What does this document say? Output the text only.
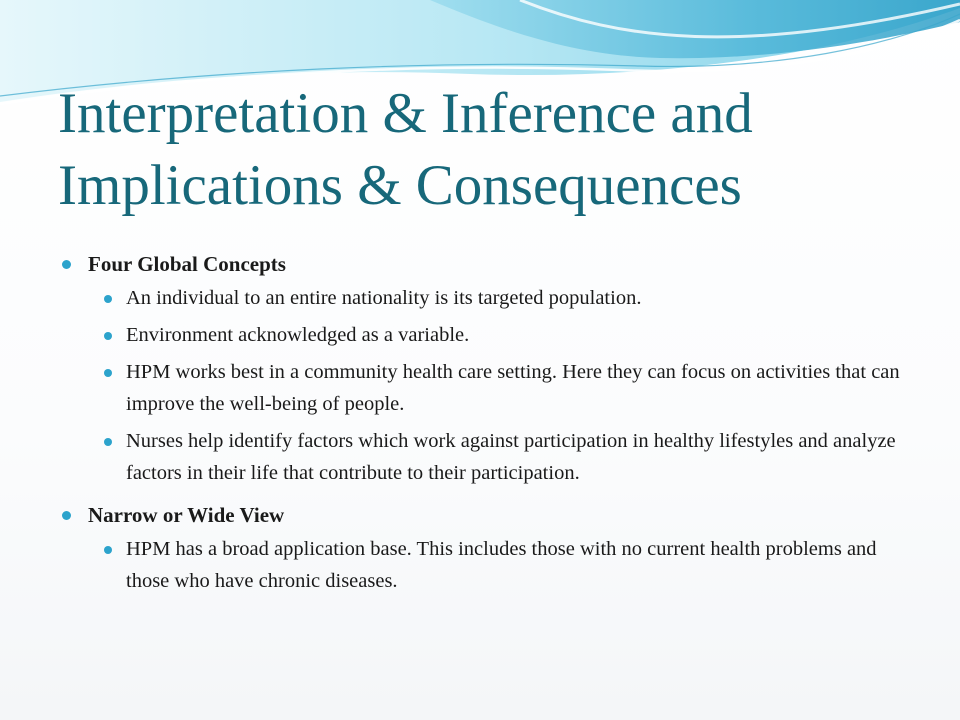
Interpretation & Inference and
Implications & Consequences
Four Global Concepts
An individual to an entire nationality is its targeted population.
Environment acknowledged as a variable.
HPM works best in a community health care setting. Here they can focus on activities that can improve the well-being of people.
Nurses help identify factors which work against participation in healthy lifestyles and analyze factors in their life that contribute to their participation.
Narrow or Wide View
HPM has a broad application base. This includes those with no current health problems and those who have chronic diseases.
